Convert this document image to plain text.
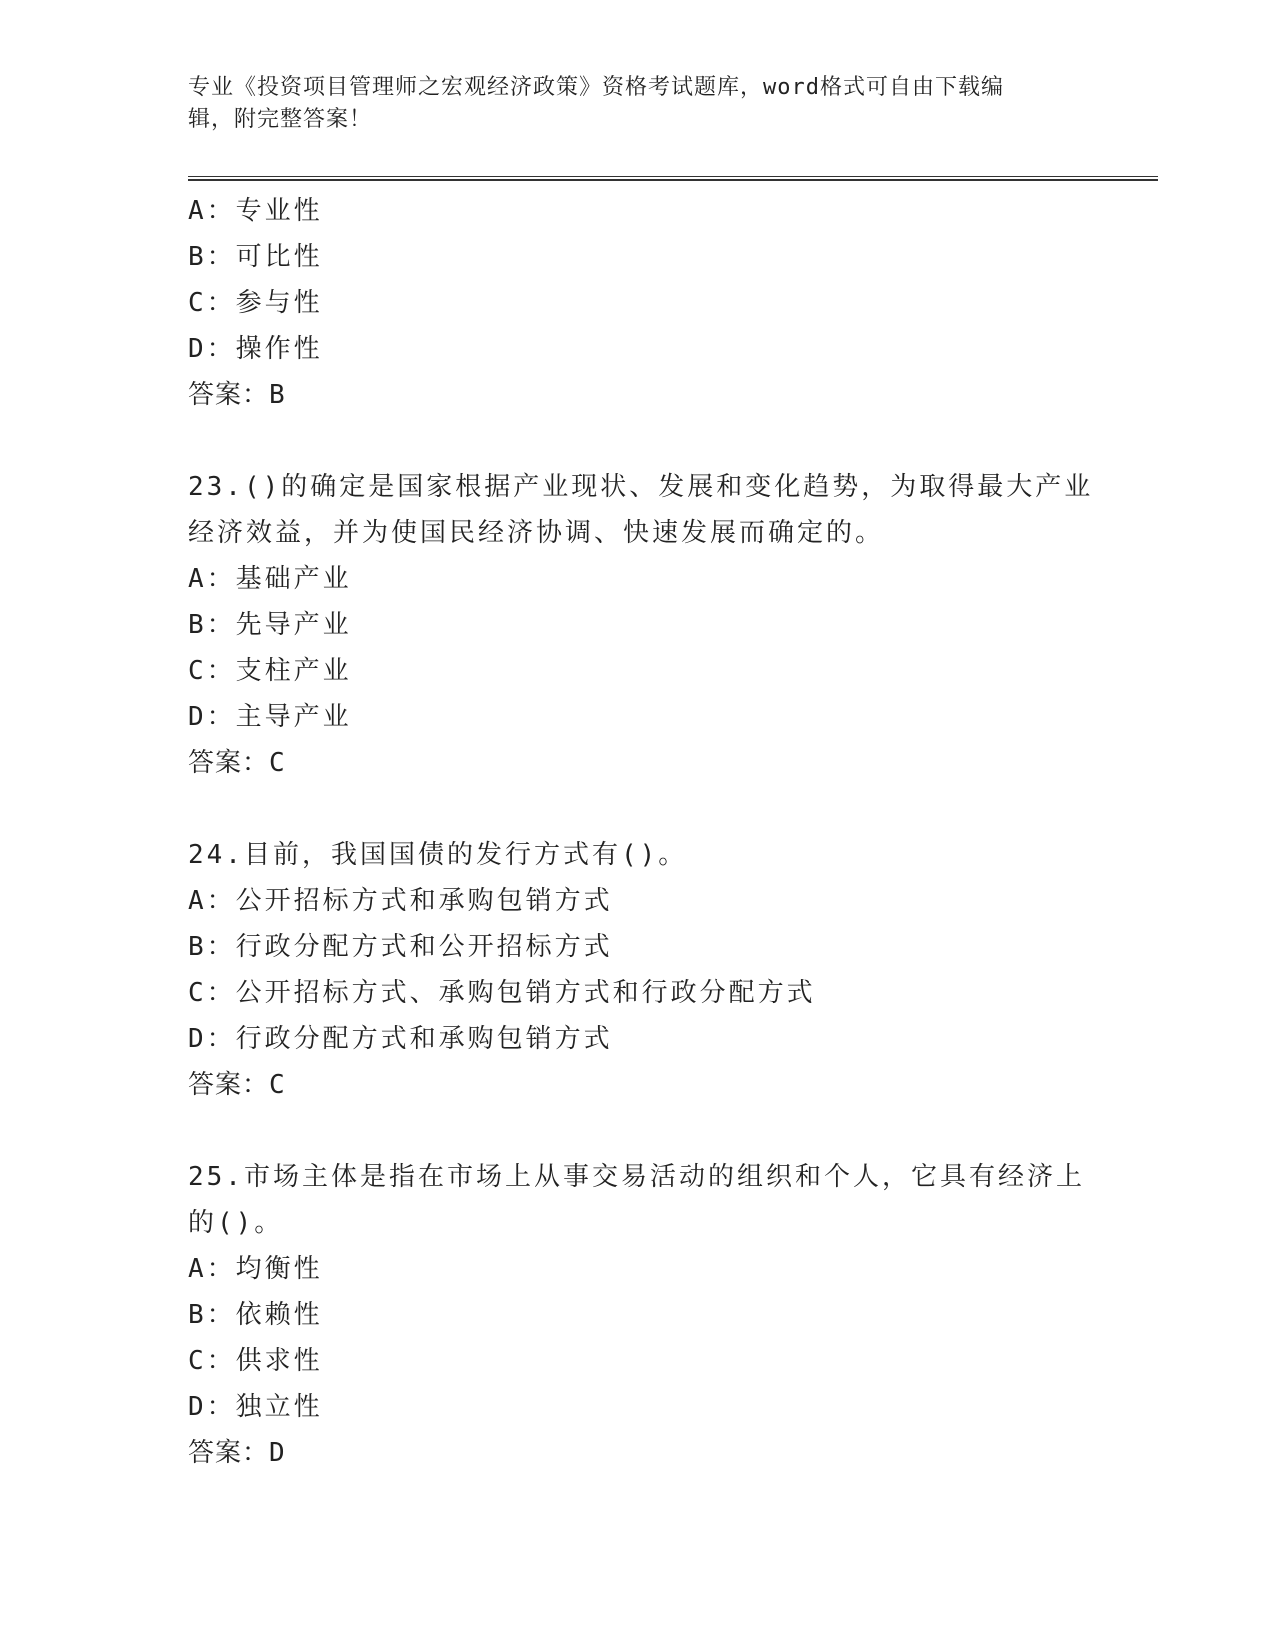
专业《投资项目管理师之宏观经济政策》资格考试题库，word格式可自由下载编
辑，附完整答案！
A：专业性
B：可比性
C：参与性
D：操作性
答案：B
23.()的确定是国家根据产业现状、发展和变化趋势，为取得最大产业
经济效益，并为使国民经济协调、快速发展而确定的。
A：基础产业
B：先导产业
C：支柱产业
D：主导产业
答案：C
24.目前，我国国债的发行方式有()。
A：公开招标方式和承购包销方式
B：行政分配方式和公开招标方式
C：公开招标方式、承购包销方式和行政分配方式
D：行政分配方式和承购包销方式
答案：C
25.市场主体是指在市场上从事交易活动的组织和个人，它具有经济上
的()。
A：均衡性
B：依赖性
C：供求性
D：独立性
答案：D
